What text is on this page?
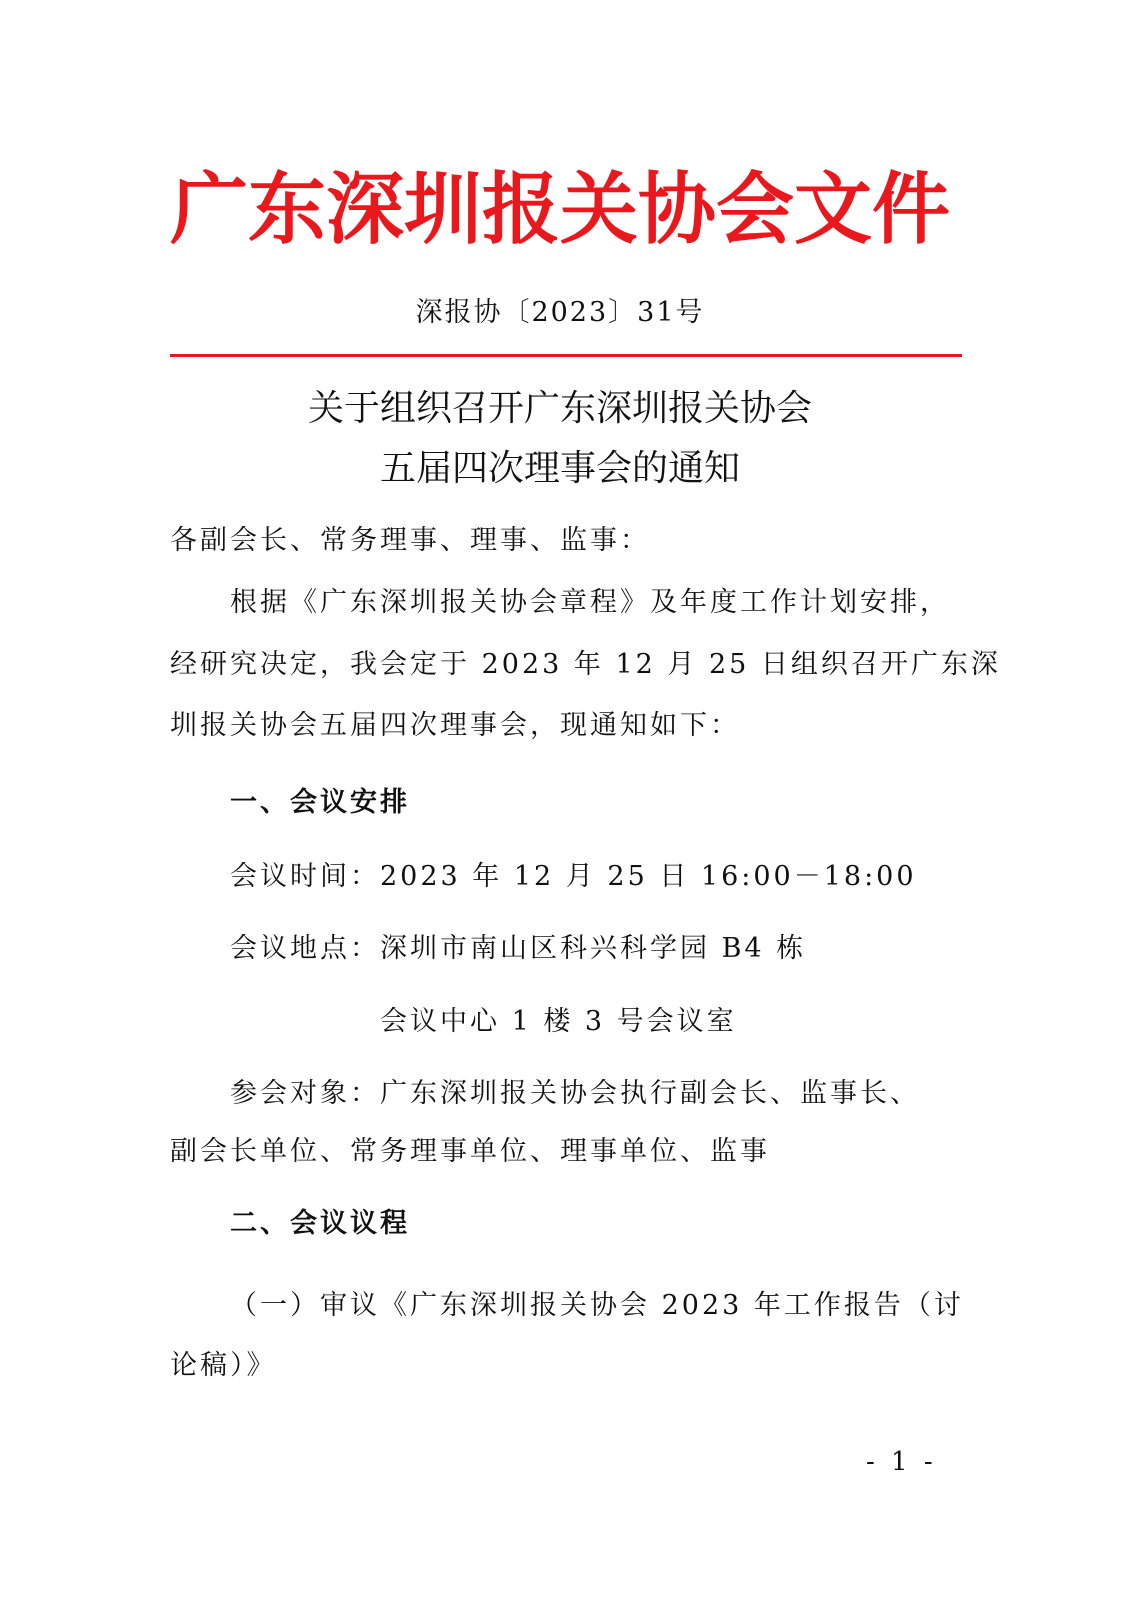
广东深圳报关协会文件
深报协〔2023〕31号
关于组织召开广东深圳报关协会
五届四次理事会的通知
各副会长、常务理事、理事、监事：
根据《广东深圳报关协会章程》及年度工作计划安排，
经研究决定，我会定于 2023 年 12 月 25 日组织召开广东深
圳报关协会五届四次理事会，现通知如下：
一、会议安排
会议时间：2023 年 12 月 25 日 16:00－18:00
会议地点：深圳市南山区科兴科学园 B4 栋
会议中心 1 楼 3 号会议室
参会对象：广东深圳报关协会执行副会长、监事长、
副会长单位、常务理事单位、理事单位、监事
二、会议议程
（一）审议《广东深圳报关协会 2023 年工作报告（讨
论稿）》
- 1 -
